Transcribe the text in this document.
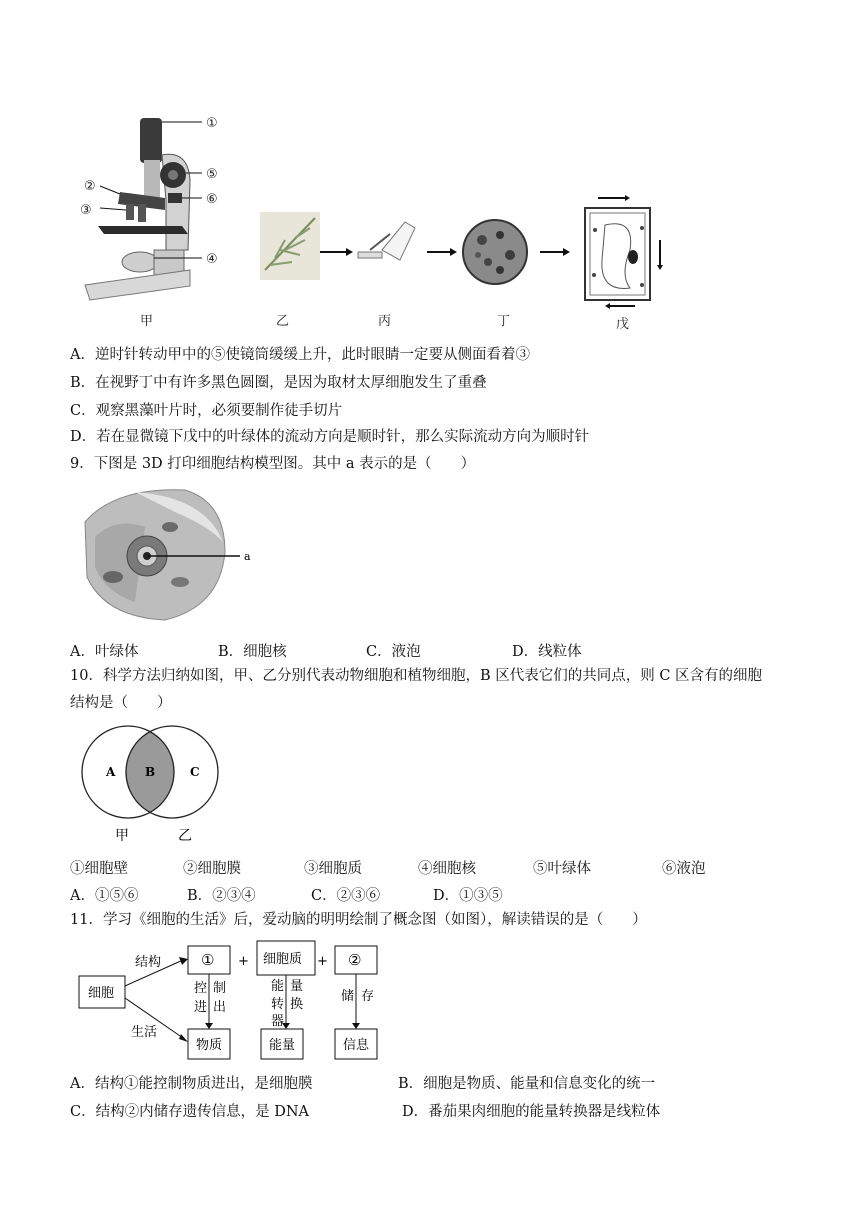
①
⑤
⑥
④
②
③
甲	乙	丙	丁	戊
A．逆时针转动甲中的⑤使镜筒缓缓上升，此时眼睛一定要从侧面看着③
B．在视野丁中有许多黑色圆圈，是因为取材太厚细胞发生了重叠
C．观察黑藻叶片时，必须要制作徒手切片
D．若在显微镜下戊中的叶绿体的流动方向是顺时针，那么实际流动方向为顺时针
9．下图是 3D 打印细胞结构模型图。其中 a 表示的是（　　）
a
A．叶绿体	B．细胞核	C．液泡	D．线粒体
10．科学方法归纳如图，甲、乙分别代表动物细胞和植物细胞，B 区代表它们的共同点，则 C 区含有的细胞
结构是（　　）
A B	C
甲	乙
①细胞壁	②细胞膜	③细胞质	④细胞核	⑤叶绿体	⑥液泡
A．①⑤⑥	B．②③④	C．②③⑥	D．①③⑤
11．学习《细胞的生活》后，爱动脑的明明绘制了概念图（如图），解读错误的是（　　）
细胞
结构
生活
① + 细胞质 + ②
控
进
制
出
能 量
转 换
器
储 存
物质	能量	信息
A．结构①能控制物质进出，是细胞膜	B．细胞是物质、能量和信息变化的统一
C．结构②内储存遗传信息，是 DNA	D．番茄果肉细胞的能量转换器是线粒体
